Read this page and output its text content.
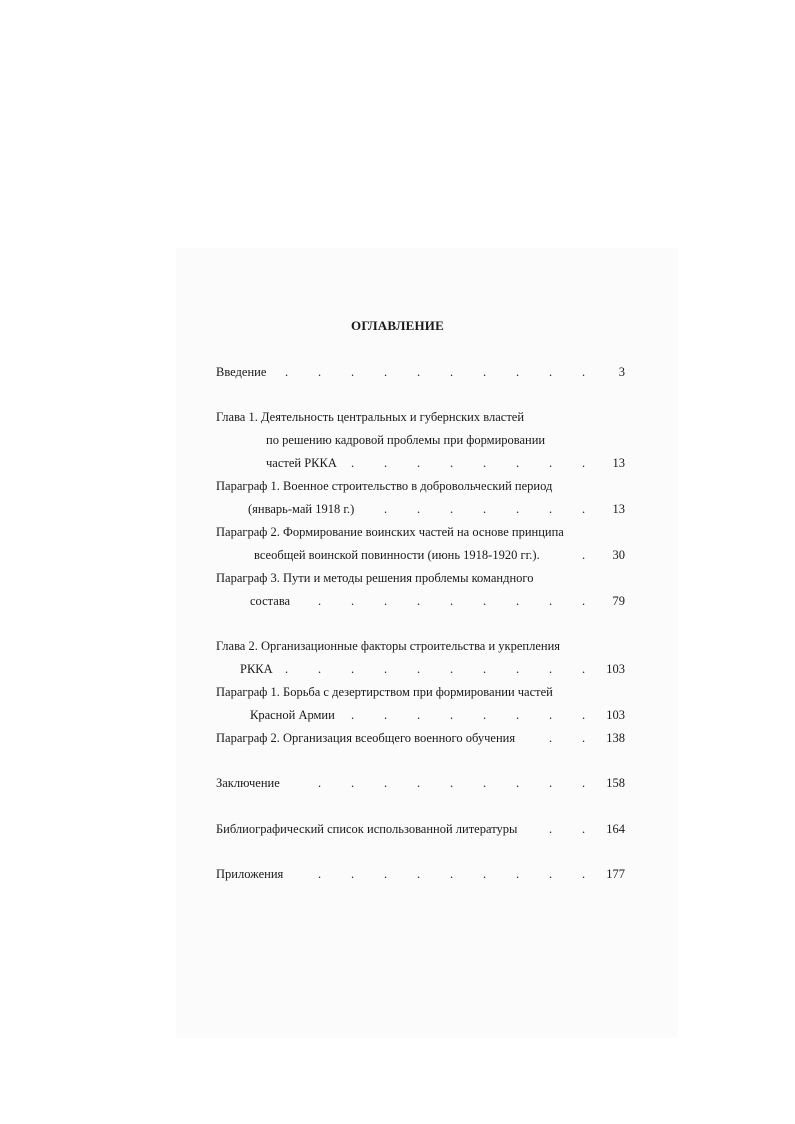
ОГЛАВЛЕНИЕ
Введение	3
Глава 1. Деятельность центральных и губернских властей
по решению кадровой проблемы при формировании
частей РККА	13
Параграф 1. Военное строительство в добровольческий период
(январь-май 1918 г.)	13
Параграф 2. Формирование воинских частей на основе принципа
всеобщей воинской повинности (июнь 1918-1920 гг.).	30
Параграф 3. Пути и методы решения проблемы командного
состава	79
Глава 2. Организационные факторы строительства и укрепления
РККА	103
Параграф 1. Борьба с дезертирством при формировании частей
Красной Армии	103
Параграф 2. Организация всеобщего военного обучения	138
Заключение	158
Библиографический список использованной литературы	164
Приложения	177
.
.
.
.
.
.
.
.
.
.
.
.
.
.
.
.
.
.
.
.
.
.
.
.
.
.
.
.
.
.
.
.
.
.
.
.
.
.
.
.
.
.
.
.
.
.
.
.
.
.
.
.
.
.
.
.
.
.
.
.
.
.
.
.
.
.
.
.
.
.
.
.
.
.
.
